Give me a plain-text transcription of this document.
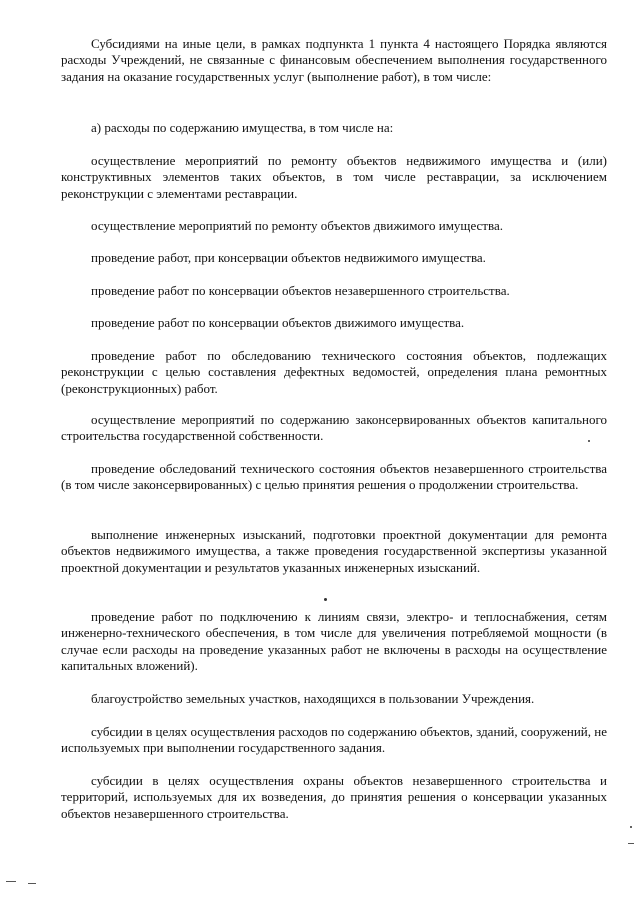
Субсидиями на иные цели, в рамках подпункта 1 пункта 4 настоящего Порядка являются расходы Учреждений, не связанные с финансовым обеспечением выполнения государственного задания на оказание государственных услуг (выполнение работ), в том числе:

а) расходы по содержанию имущества, в том числе на:

осуществление мероприятий по ремонту объектов недвижимого имущества и (или) конструктивных элементов таких объектов, в том числе реставрации, за исключением реконструкции с элементами реставрации.

осуществление мероприятий по ремонту объектов движимого имущества.

проведение работ, при консервации объектов недвижимого имущества.

проведение работ по консервации объектов незавершенного строительства.

проведение работ по консервации объектов движимого имущества.

проведение работ по обследованию технического состояния объектов, подлежащих реконструкции с целью составления дефектных ведомостей, определения плана ремонтных (реконструкционных) работ.

осуществление мероприятий по содержанию законсервированных объектов капитального строительства государственной собственности.

проведение обследований технического состояния объектов незавершенного строительства (в том числе законсервированных) с целью принятия решения о продолжении строительства.

выполнение инженерных изысканий, подготовки проектной документации для ремонта объектов недвижимого имущества, а также проведения государственной экспертизы указанной проектной документации и результатов указанных инженерных изысканий.

проведение работ по подключению к линиям связи, электро- и теплоснабжения, сетям инженерно-технического обеспечения, в том числе для увеличения потребляемой мощности (в случае если расходы на проведение указанных работ не включены в расходы на осуществление капитальных вложений).

благоустройство земельных участков, находящихся в пользовании Учреждения.

субсидии в целях осуществления расходов по содержанию объектов, зданий, сооружений, не используемых при выполнении государственного задания.

субсидии в целях осуществления охраны объектов незавершенного строительства и территорий, используемых для их возведения, до принятия решения о консервации указанных объектов незавершенного строительства.
